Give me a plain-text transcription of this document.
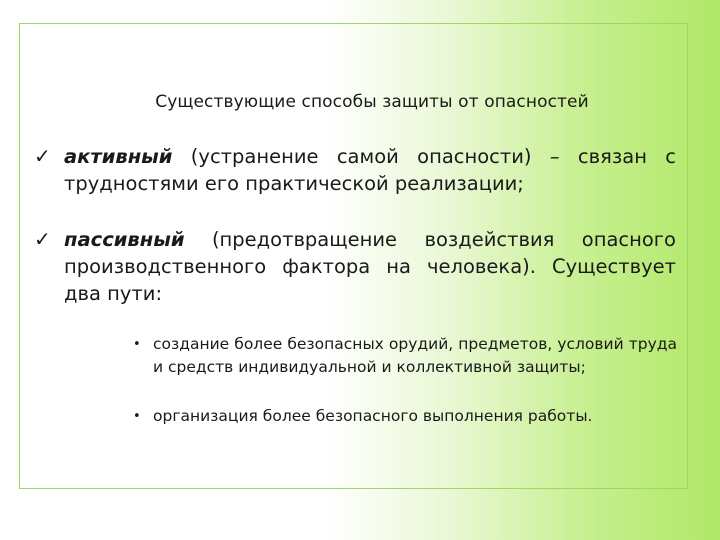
Существующие способы защиты от опасностей
✓ активный (устранение самой опасности) – связан с трудностями его практической реализации;
✓ пассивный (предотвращение воздействия опасного производственного фактора на человека). Существует два пути:
• создание более безопасных орудий, предметов, условий труда и средств индивидуальной и коллективной защиты;
• организация более безопасного выполнения работы.
